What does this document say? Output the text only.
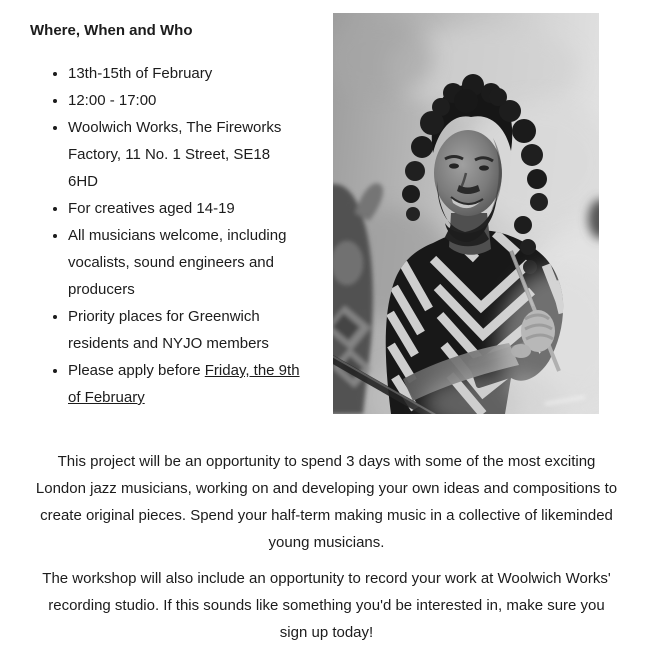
Where, When and Who
• 13th-15th of February
• 12:00 - 17:00
• Woolwich Works, The Fireworks Factory, 11 No. 1 Street, SE18 6HD
• For creatives aged 14-19
• All musicians welcome, including vocalists, sound engineers and producers
• Priority places for Greenwich residents and NYJO members
• Please apply before Friday, the 9th of February

This project will be an opportunity to spend 3 days with some of the most exciting London jazz musicians, working on and developing your own ideas and compositions to create original pieces. Spend your half-term making music in a collective of likeminded young musicians.

The workshop will also include an opportunity to record your work at Woolwich Works' recording studio. If this sounds like something you'd be interested in, make sure you sign up today!
